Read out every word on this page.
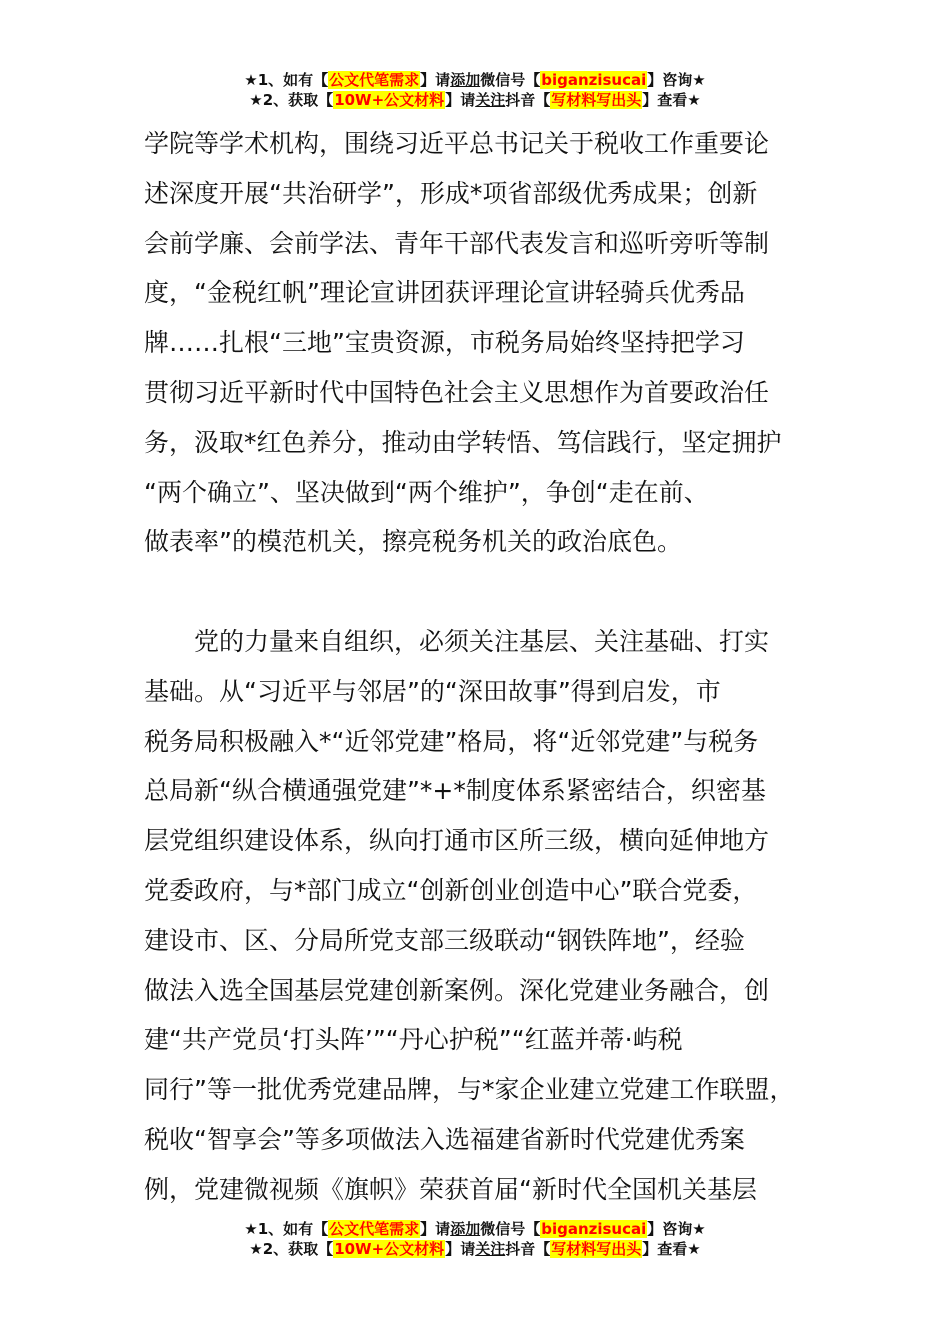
★1、如有【公文代笔需求】请添加微信号【biganzisucai】咨询★
★2、获取【10W+公文材料】请关注抖音【写材料写出头】查看★
学院等学术机构，围绕习近平总书记关于税收工作重要论
述深度开展“共治研学”，形成*项省部级优秀成果；创新
会前学廉、会前学法、青年干部代表发言和巡听旁听等制
度，“金税红帆”理论宣讲团获评理论宣讲轻骑兵优秀品
牌……扎根“三地”宝贵资源，市税务局始终坚持把学习
贯彻习近平新时代中国特色社会主义思想作为首要政治任
务，汲取*红色养分，推动由学转悟、笃信践行，坚定拥护
“两个确立”、坚决做到“两个维护”，争创“走在前、
做表率”的模范机关，擦亮税务机关的政治底色。
　　党的力量来自组织，必须关注基层、关注基础、打实
基础。从“习近平与邻居”的“深田故事”得到启发，市
税务局积极融入*“近邻党建”格局，将“近邻党建”与税务
总局新“纵合横通强党建”*+*制度体系紧密结合，织密基
层党组织建设体系，纵向打通市区所三级，横向延伸地方
党委政府，与*部门成立“创新创业创造中心”联合党委，
建设市、区、分局所党支部三级联动“钢铁阵地”，经验
做法入选全国基层党建创新案例。深化党建业务融合，创
建“共产党员‘打头阵’”“丹心护税”“红蓝并蒂·屿税
同行”等一批优秀党建品牌，与*家企业建立党建工作联盟，
税收“智享会”等多项做法入选福建省新时代党建优秀案
例，党建微视频《旗帜》荣获首届“新时代全国机关基层
★1、如有【公文代笔需求】请添加微信号【biganzisucai】咨询★
★2、获取【10W+公文材料】请关注抖音【写材料写出头】查看★
